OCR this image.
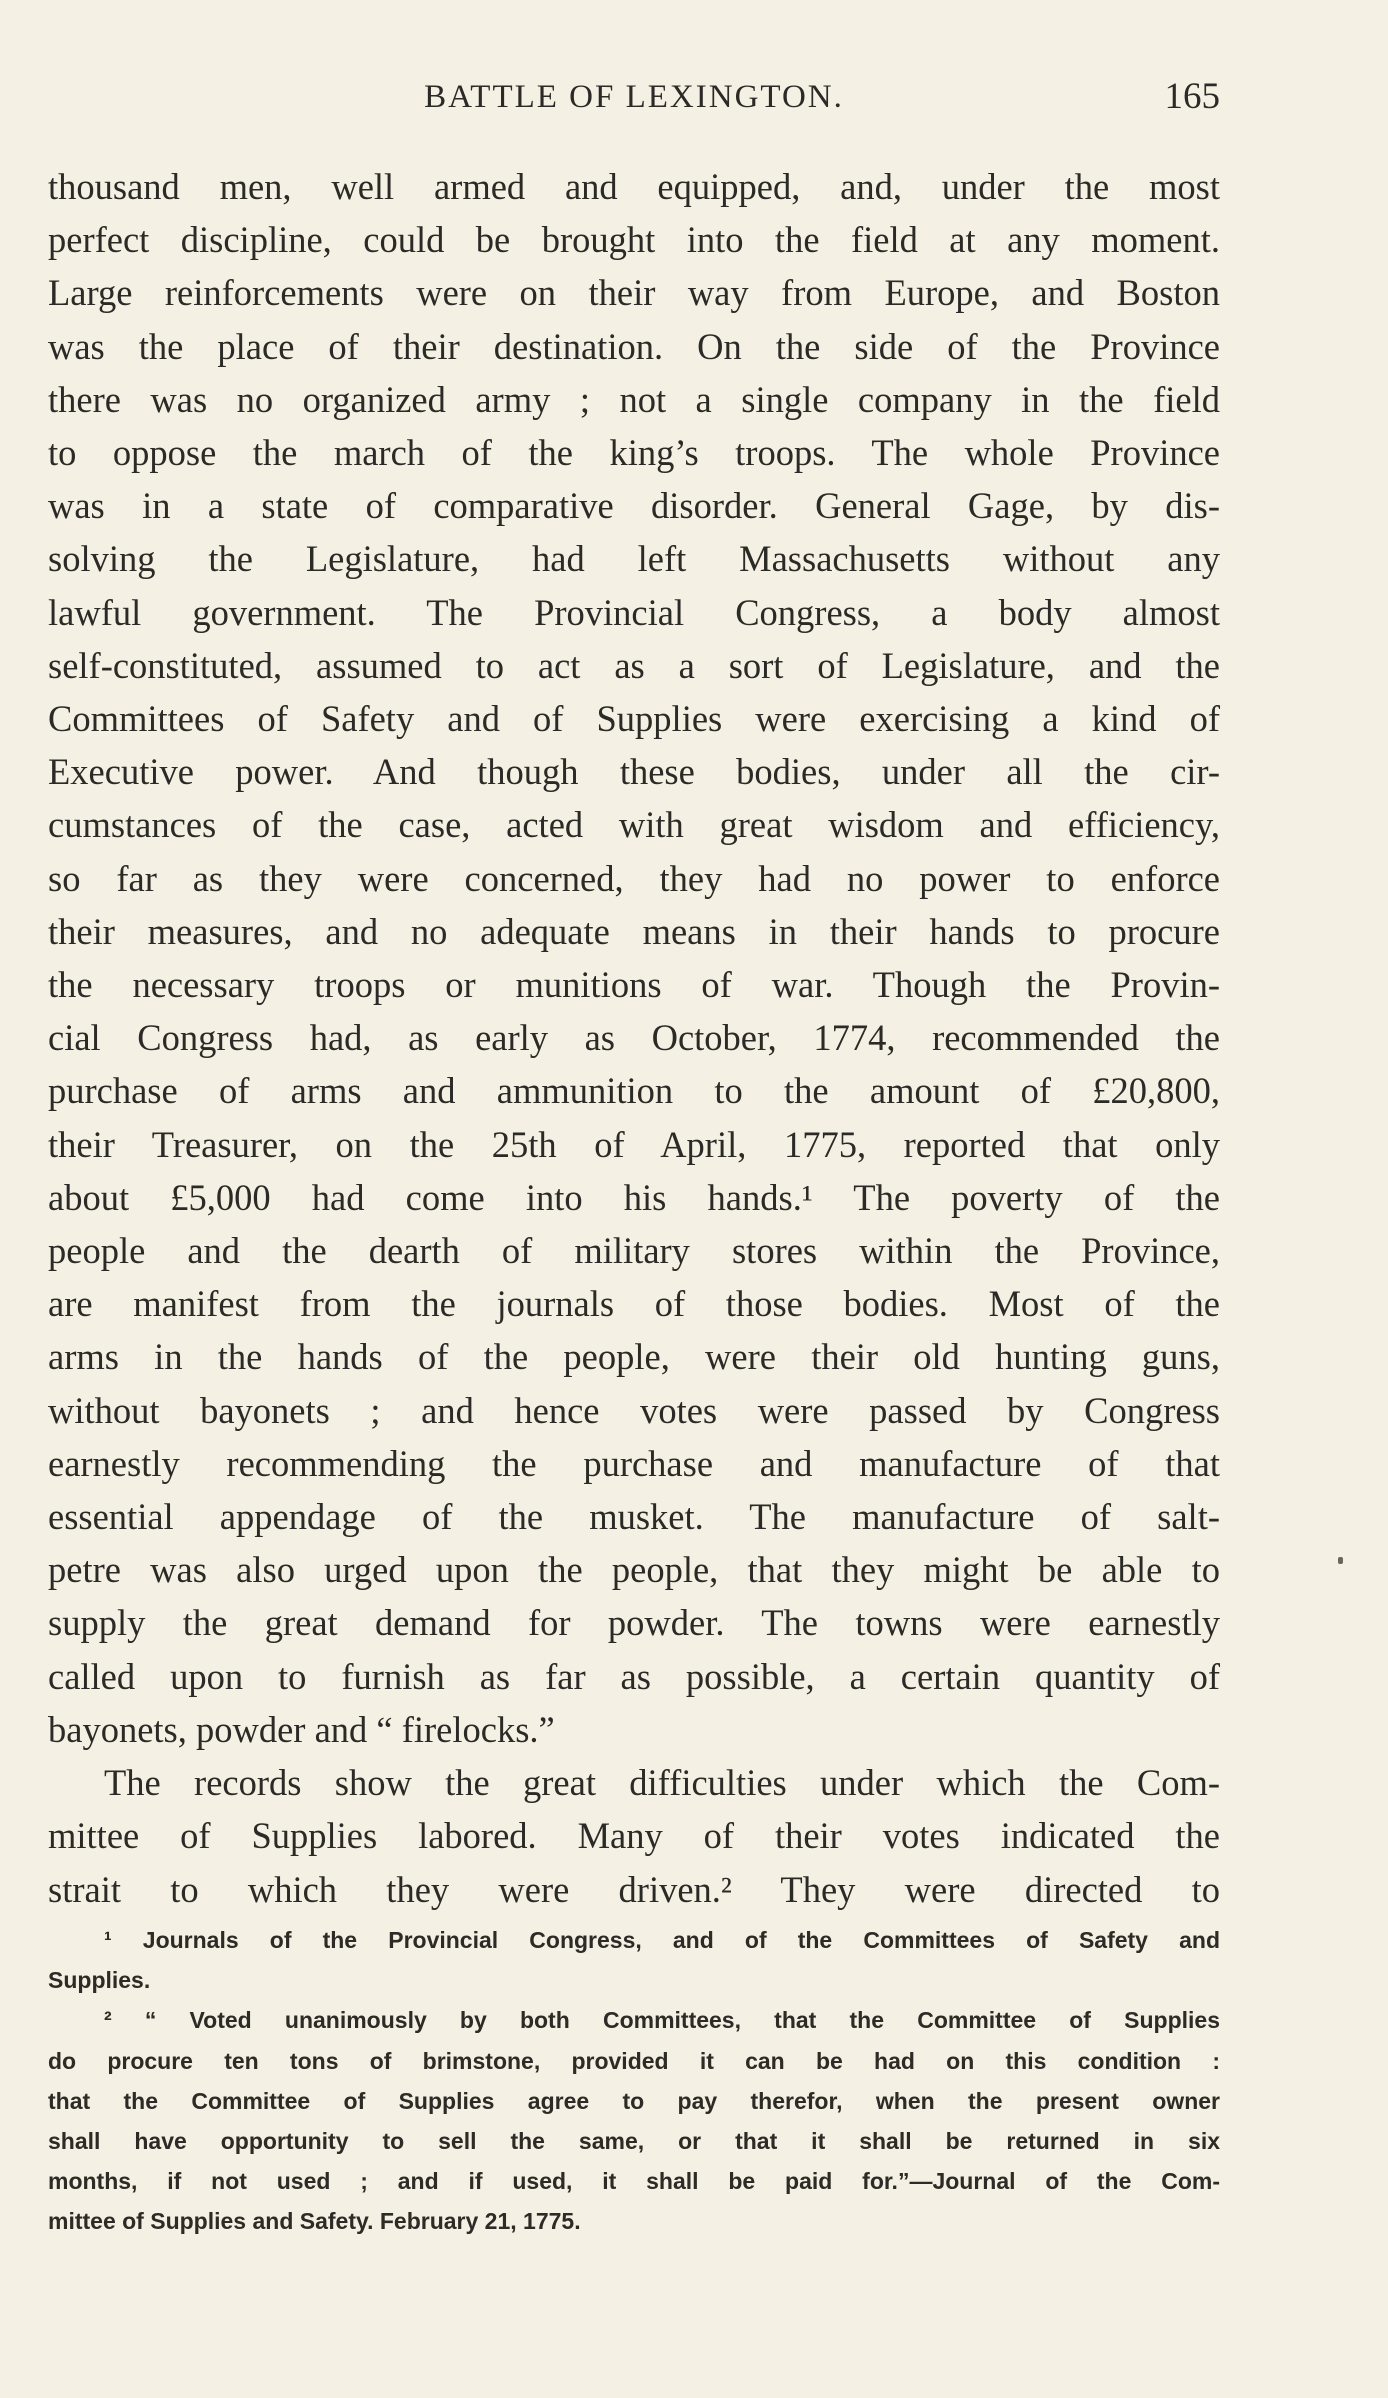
BATTLE OF LEXINGTON.	165
thousand men, well armed and equipped, and, under the most
perfect discipline, could be brought into the field at any moment.
Large reinforcements were on their way from Europe, and Boston
was the place of their destination. On the side of the Province
there was no organized army ; not a single company in the field
to oppose the march of the king’s troops. The whole Province
was in a state of comparative disorder. General Gage, by dis-
solving the Legislature, had left Massachusetts without any
lawful government. The Provincial Congress, a body almost
self-constituted, assumed to act as a sort of Legislature, and the
Committees of Safety and of Supplies were exercising a kind of
Executive power. And though these bodies, under all the cir-
cumstances of the case, acted with great wisdom and efficiency,
so far as they were concerned, they had no power to enforce
their measures, and no adequate means in their hands to procure
the necessary troops or munitions of war. Though the Provin-
cial Congress had, as early as October, 1774, recommended the
purchase of arms and ammunition to the amount of £20,800,
their Treasurer, on the 25th of April, 1775, reported that only
about £5,000 had come into his hands.¹ The poverty of the
people and the dearth of military stores within the Province,
are manifest from the journals of those bodies. Most of the
arms in the hands of the people, were their old hunting guns,
without bayonets ; and hence votes were passed by Congress
earnestly recommending the purchase and manufacture of that
essential appendage of the musket. The manufacture of salt-
petre was also urged upon the people, that they might be able to
supply the great demand for powder. The towns were earnestly
called upon to furnish as far as possible, a certain quantity of
bayonets, powder and “ firelocks.”
The records show the great difficulties under which the Com-
mittee of Supplies labored. Many of their votes indicated the
strait to which they were driven.² They were directed to
¹ Journals of the Provincial Congress, and of the Committees of Safety and
Supplies.
² “ Voted unanimously by both Committees, that the Committee of Supplies
do procure ten tons of brimstone, provided it can be had on this condition :
that the Committee of Supplies agree to pay therefor, when the present owner
shall have opportunity to sell the same, or that it shall be returned in six
months, if not used ; and if used, it shall be paid for.”—Journal of the Com-
mittee of Supplies and Safety. February 21, 1775.
